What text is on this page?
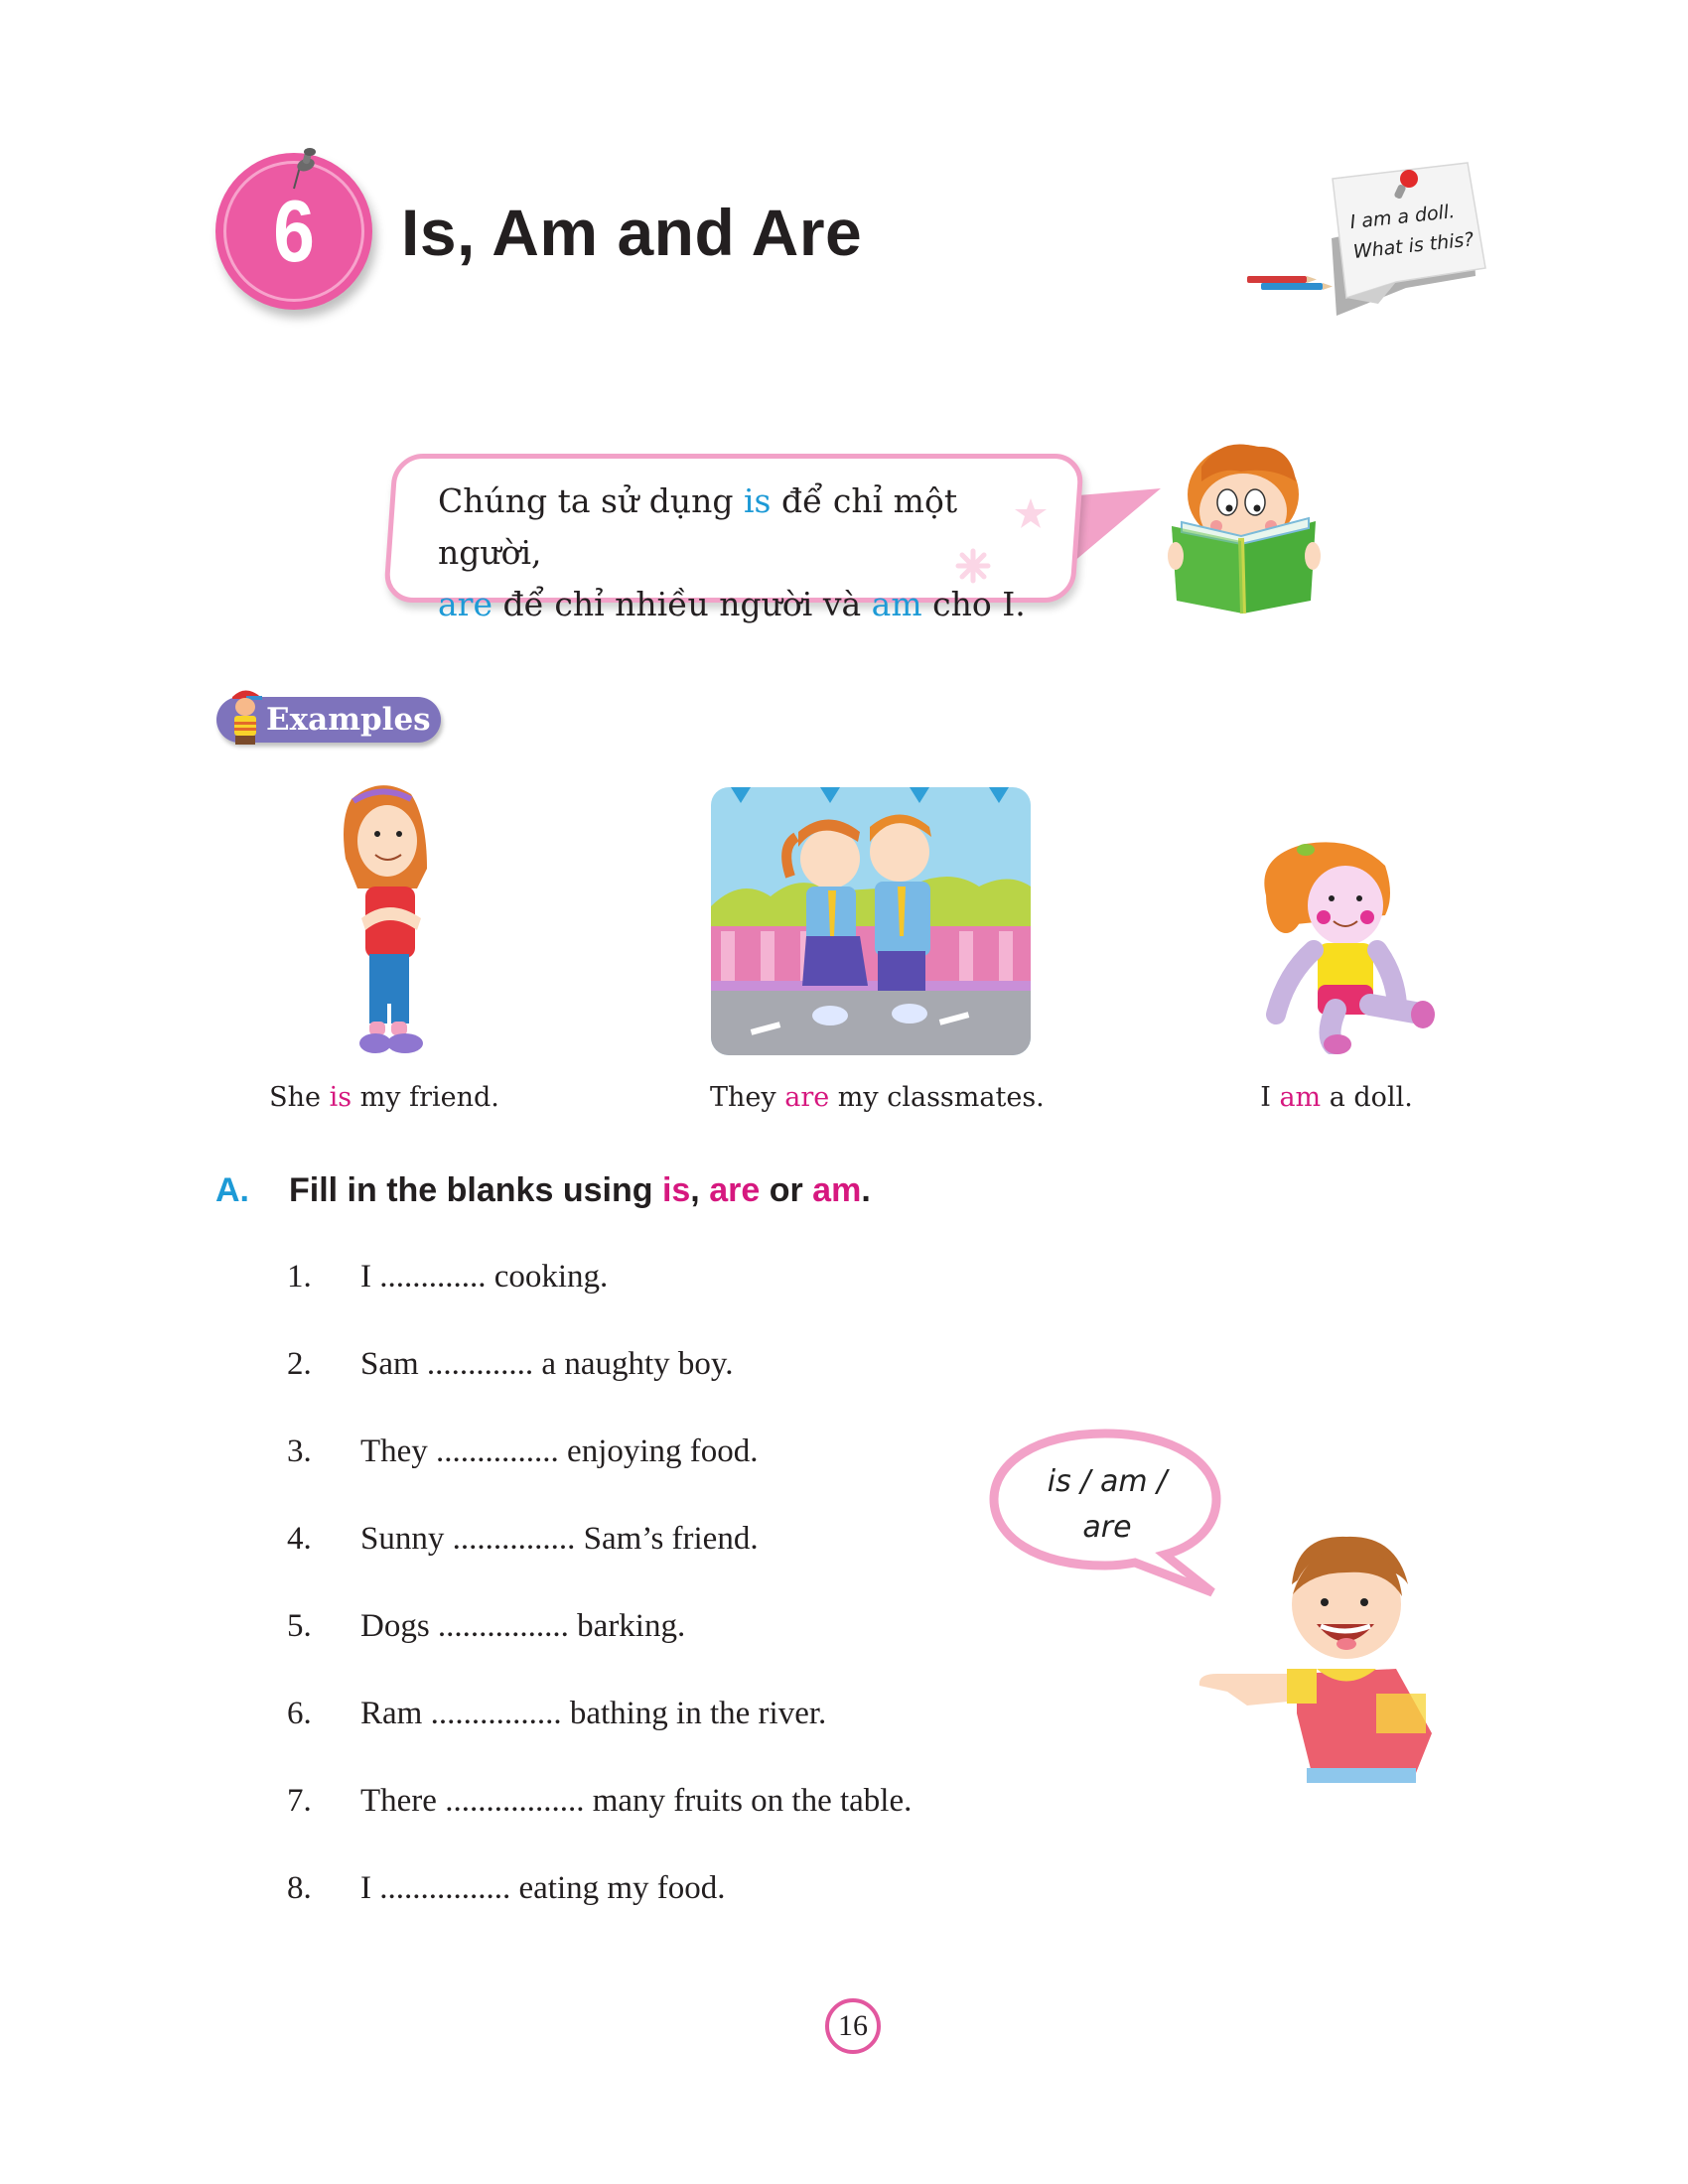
6	Is, Am and Are	I am a doll.
What is this?
Chúng ta sử dụng is để chỉ một người,
are để chỉ nhiều người và am cho I.
Examples
She is my friend.	They are my classmates.	I am a doll.
A. Fill in the blanks using is, are or am.
1. I ............. cooking.
2. Sam ............. a naughty boy.
3. They ............... enjoying food.
4. Sunny ............... Sam’s friend.
5. Dogs ................ barking.
6. Ram ................ bathing in the river.
7. There ................. many fruits on the table.
8. I ................ eating my food.
is / am /
are
16
